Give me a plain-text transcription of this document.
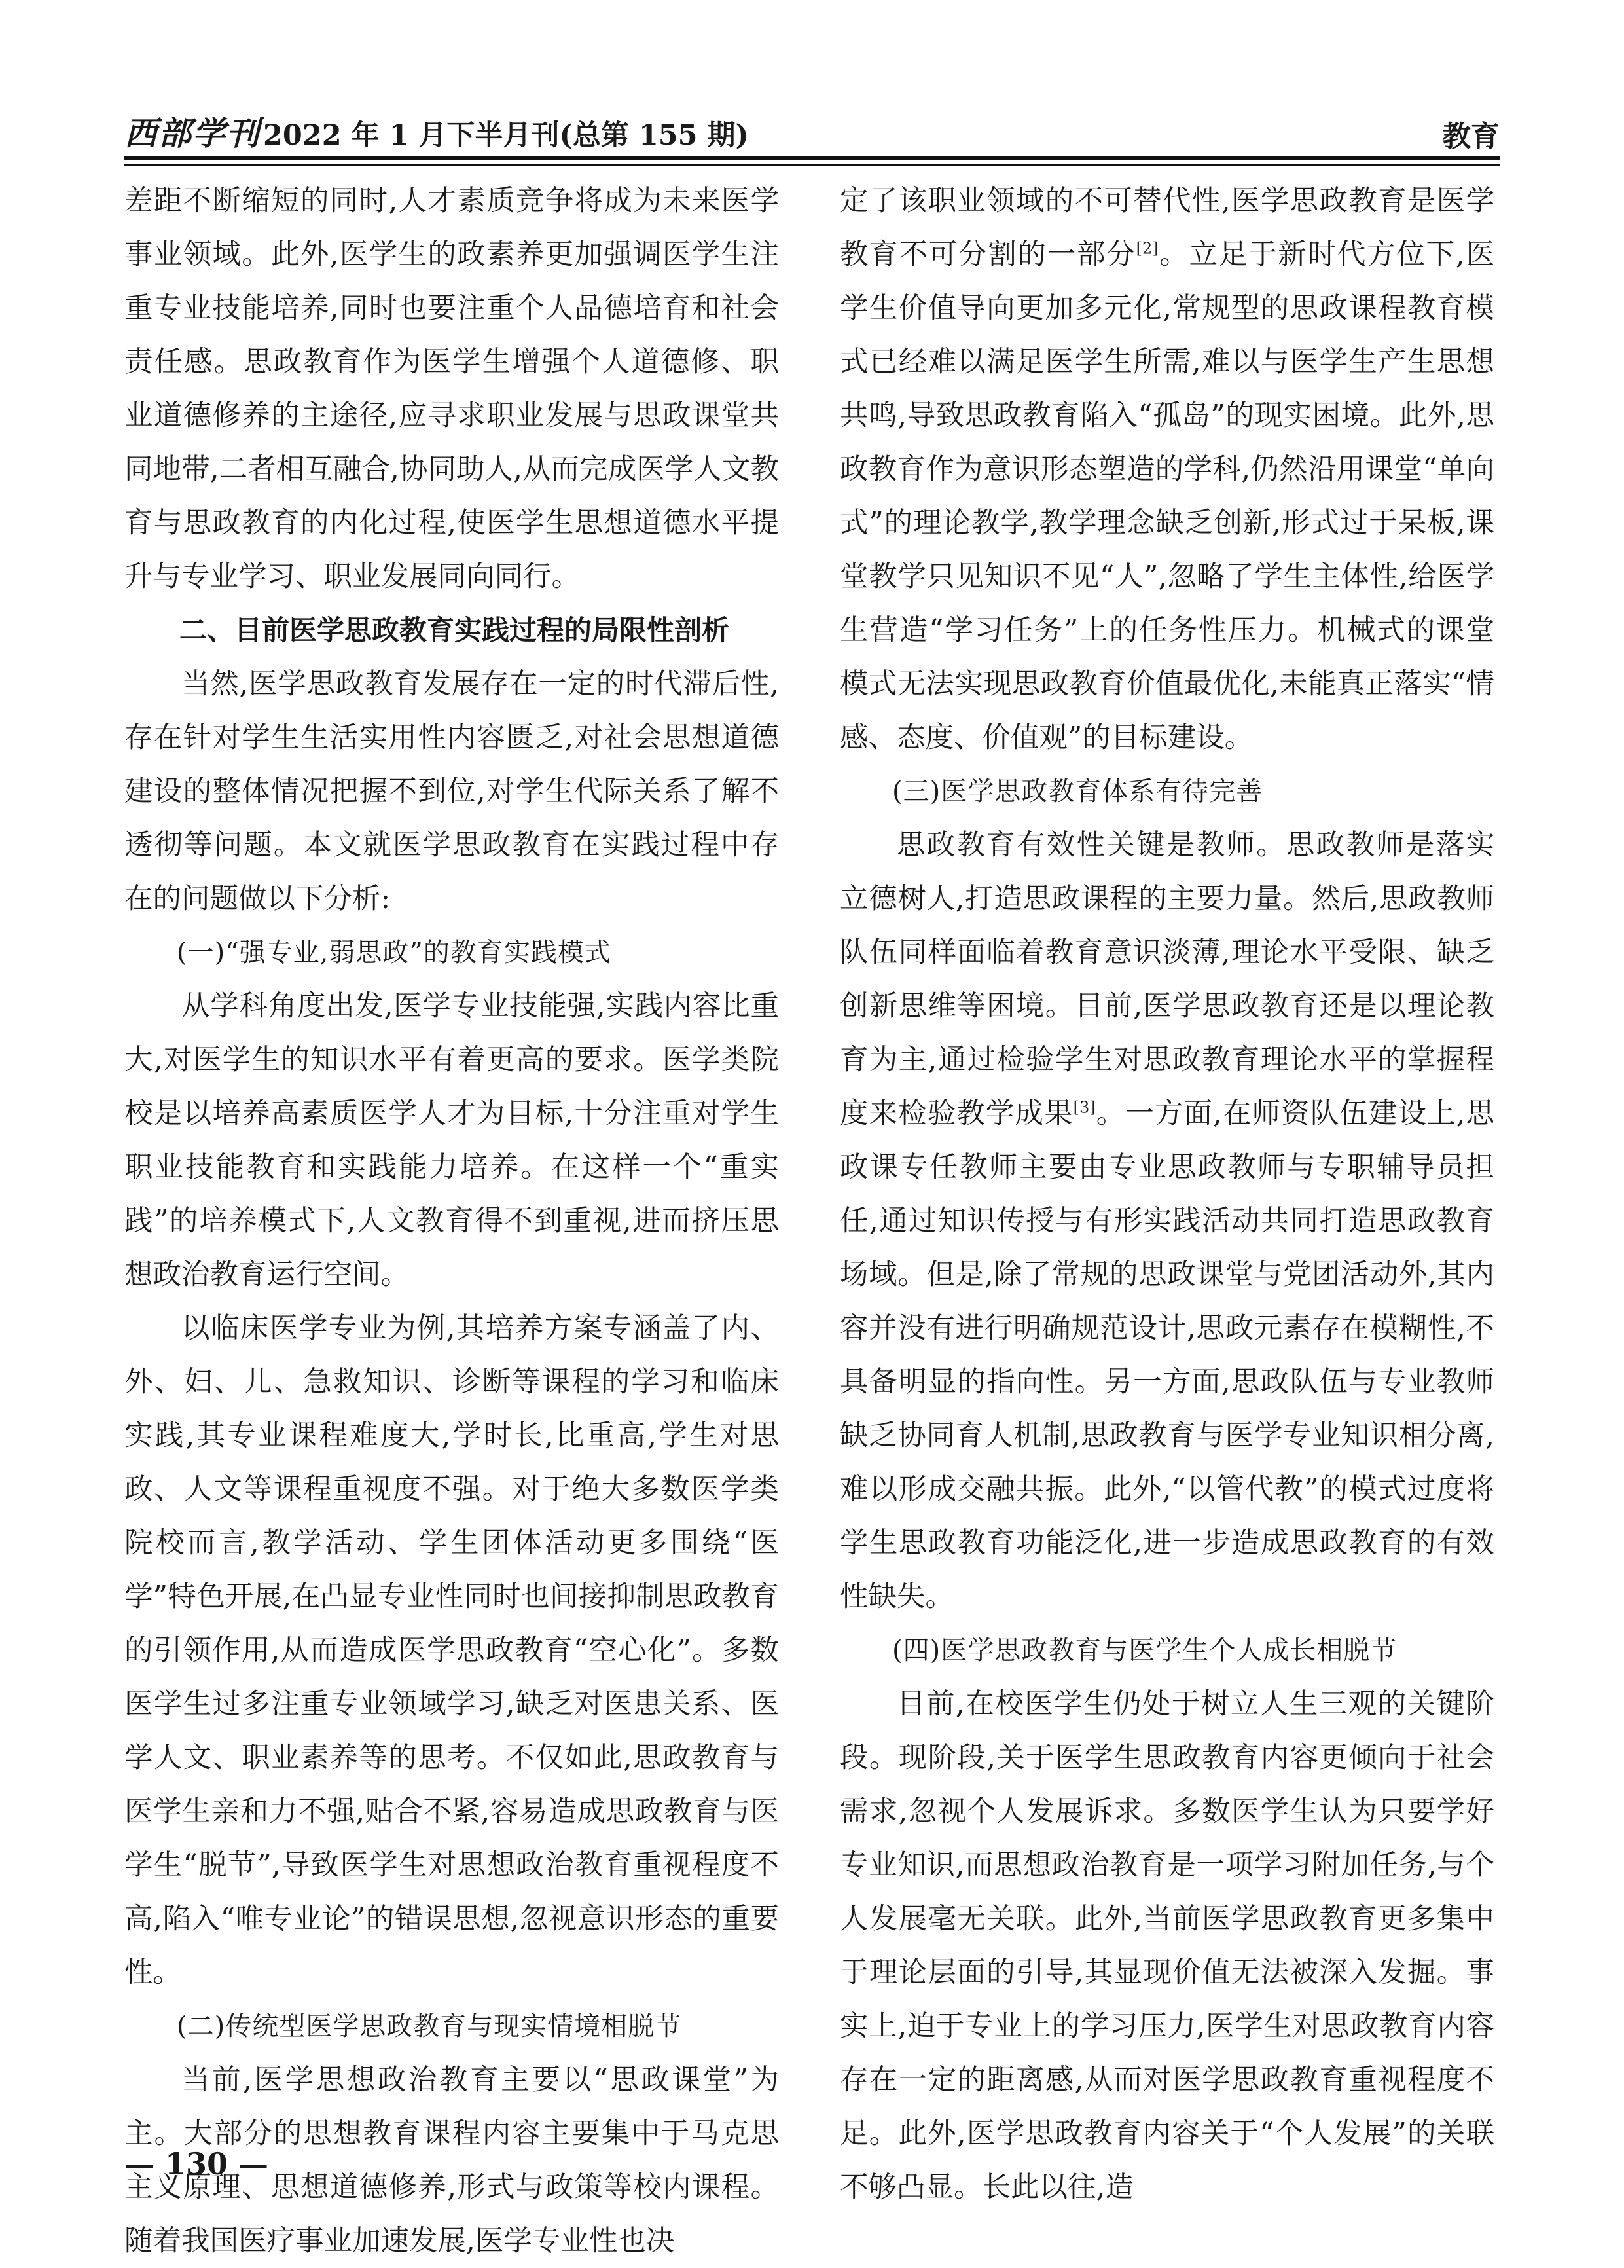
西部学刊 2022 年 1 月下半月刊(总第 155 期)	教育

差距不断缩短的同时,人才素质竞争将成为未来医学事业领域。此外,医学生的政素养更加强调医学生注重专业技能培养,同时也要注重个人品德培育和社会责任感。思政教育作为医学生增强个人道德修、职业道德修养的主途径,应寻求职业发展与思政课堂共同地带,二者相互融合,协同助人,从而完成医学人文教育与思政教育的内化过程,使医学生思想道德水平提升与专业学习、职业发展同向同行。

二、目前医学思政教育实践过程的局限性剖析

当然,医学思政教育发展存在一定的时代滞后性,存在针对学生生活实用性内容匮乏,对社会思想道德建设的整体情况把握不到位,对学生代际关系了解不透彻等问题。本文就医学思政教育在实践过程中存在的问题做以下分析:

(一)“强专业,弱思政”的教育实践模式

从学科角度出发,医学专业技能强,实践内容比重大,对医学生的知识水平有着更高的要求。医学类院校是以培养高素质医学人才为目标,十分注重对学生职业技能教育和实践能力培养。在这样一个“重实践”的培养模式下,人文教育得不到重视,进而挤压思想政治教育运行空间。

以临床医学专业为例,其培养方案专涵盖了内、外、妇、儿、急救知识、诊断等课程的学习和临床实践,其专业课程难度大,学时长,比重高,学生对思政、人文等课程重视度不强。对于绝大多数医学类院校而言,教学活动、学生团体活动更多围绕“医学”特色开展,在凸显专业性同时也间接抑制思政教育的引领作用,从而造成医学思政教育“空心化”。多数医学生过多注重专业领域学习,缺乏对医患关系、医学人文、职业素养等的思考。不仅如此,思政教育与医学生亲和力不强,贴合不紧,容易造成思政教育与医学生“脱节”,导致医学生对思想政治教育重视程度不高,陷入“唯专业论”的错误思想,忽视意识形态的重要性。

(二)传统型医学思政教育与现实情境相脱节

当前,医学思想政治教育主要以“思政课堂”为主。大部分的思想教育课程内容主要集中于马克思主义原理、思想道德修养,形式与政策等校内课程。随着我国医疗事业加速发展,医学专业性也决

定了该职业领域的不可替代性,医学思政教育是医学教育不可分割的一部分[2]。立足于新时代方位下,医学生价值导向更加多元化,常规型的思政课程教育模式已经难以满足医学生所需,难以与医学生产生思想共鸣,导致思政教育陷入“孤岛”的现实困境。此外,思政教育作为意识形态塑造的学科,仍然沿用课堂“单向式”的理论教学,教学理念缺乏创新,形式过于呆板,课堂教学只见知识不见“人”,忽略了学生主体性,给医学生营造“学习任务”上的任务性压力。机械式的课堂模式无法实现思政教育价值最优化,未能真正落实“情感、态度、价值观”的目标建设。

(三)医学思政教育体系有待完善

思政教育有效性关键是教师。思政教师是落实立德树人,打造思政课程的主要力量。然后,思政教师队伍同样面临着教育意识淡薄,理论水平受限、缺乏创新思维等困境。目前,医学思政教育还是以理论教育为主,通过检验学生对思政教育理论水平的掌握程度来检验教学成果[3]。一方面,在师资队伍建设上,思政课专任教师主要由专业思政教师与专职辅导员担任,通过知识传授与有形实践活动共同打造思政教育场域。但是,除了常规的思政课堂与党团活动外,其内容并没有进行明确规范设计,思政元素存在模糊性,不具备明显的指向性。另一方面,思政队伍与专业教师缺乏协同育人机制,思政教育与医学专业知识相分离,难以形成交融共振。此外,“以管代教”的模式过度将学生思政教育功能泛化,进一步造成思政教育的有效性缺失。

(四)医学思政教育与医学生个人成长相脱节

目前,在校医学生仍处于树立人生三观的关键阶段。现阶段,关于医学生思政教育内容更倾向于社会需求,忽视个人发展诉求。多数医学生认为只要学好专业知识,而思想政治教育是一项学习附加任务,与个人发展毫无关联。此外,当前医学思政教育更多集中于理论层面的引导,其显现价值无法被深入发掘。事实上,迫于专业上的学习压力,医学生对思政教育内容存在一定的距离感,从而对医学思政教育重视程度不足。此外,医学思政教育内容关于“个人发展”的关联不够凸显。长此以往,造

— 130 —
